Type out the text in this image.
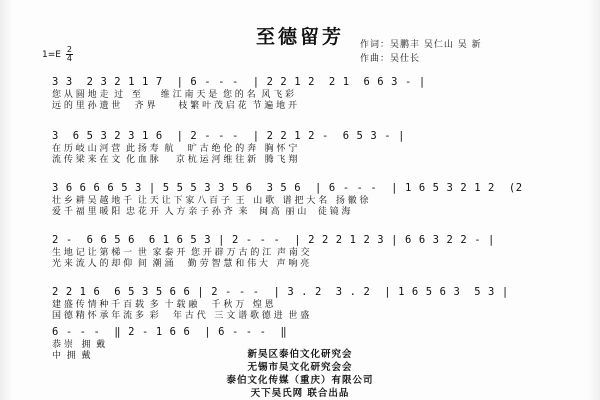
至德留芳	作词：吴鹏丰 吴仁山 吴 新
作曲：吴仕长
$1=E \frac{2}{4}$
3 3  2 3 2 1 1 7  | 6 - - -  | 2 2 1 2  2 1  6 6 3 - |
您 从 圆 地 走  过   至       维 江 南 天 是  您 的 名  风 飞 彩
远 的 里 孙 遗 世     齐 界        枝 繁 叶 茂 启 花  节 遍 地 开
3  6 5 3 2 3 1 6  | 2 - - -  | 2 2 1 2 -  6 5 3 - |
在 历 岐 山 河 营  此 扬 寿  航     旷 古 绝 伦 的 奔   胸 怀 宁
流 传 梁 来 在 文  化 血 脉      京 杭 运 河 维 往 新   腾 飞 翔
3 6 6 6 6 5 3 | 5 5 5 3 3 5 6  3 5 6  | 6 - - -  | 1 6 5 3 2 1 2  (2
壮 乡 耕 吴 越 地 千  让 天 让 下 家 八 百 子  王   山 歌   谱 把 大 名   扬 徽 徐
爱 千 福 里 暖 阳  忠 花 开  人 方 亲 子 孙 齐  来    闽 高  丽 山    徒 镜 海
2 -  6 6 5 6  6 1 6 5 3 | 2 - - -  | 2 2 2 1 2 3 | 6 6 3 2 2 - |
生 地 记 让 第 梯 一  世  家 泰 开  您 开 辟 万 古 的 江  声 南 交
光 来 流 人 的 却 仰  间  潮 涌     勤 劳 智 慧 和 伟 大   声 响 亮
2 2 1 6  6 5 3 5 6 6 | 2 - - -  | 3 . 2  3 . 2  | 1 6 5 6 3  5 3 |
建 盛 传 情 种 千 百 载  多  十 载 融     千 秋 万   煌 恩
国 德 精 怀 承 年 流 多  彩     年 古 代   三 文 谱 歌 德 进  世 盛
6 - - -  ‖ 2 - 1 6 6  | 6 - - -  ‖
恭 崇   拥  戴
中  拥  戴	新吴区泰伯文化研究会
无锡市吴文化研究会会
泰伯文化传媒（重庆）有限公司
天下吴氏网 联合出品
